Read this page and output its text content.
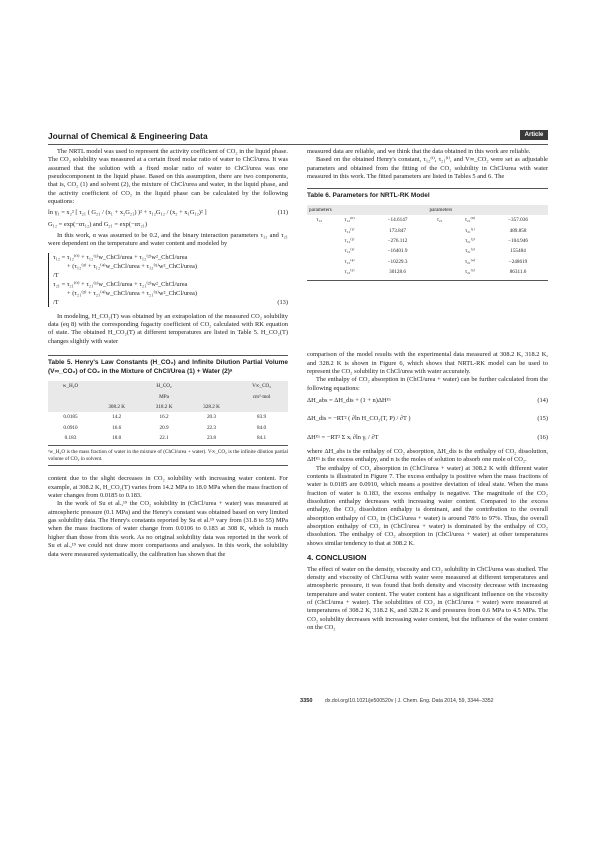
Journal of Chemical & Engineering Data	Article

The NRTL model was used to represent the activity coefficient of CO₂ in the liquid phase. The CO₂ solubility was measured at a certain fixed molar ratio of water to ChCl/urea. It was assumed that the solution with a fixed molar ratio of water to ChCl/urea was one pseudocomponent in the liquid phase. Based on this assumption, there are two components, that is, CO₂ (1) and solvent (2), the mixture of ChCl/urea and water, in the liquid phase, and the activity coefficient of CO₂ in the liquid phase can be calculated by the following equations:

ln γ₁ = x₂² [ τ₂₁ ( G₂₁ / (x₁ + x₂G₂₁) )² + τ₁₂G₁₂ / (x₂ + x₁G₁₂)² ]	(11)
G₁₂ = exp(−ατ₁₂) and G₂₁ = exp(−ατ₂₁)

In this work, α was assumed to be 0.2, and the binary interaction parameters τ₁₂ and τ₂₁ were dependent on the temperature and water content and modeled by

τ₁₂ = τ₁₂⁽⁰⁾ + τ₁₂⁽¹⁾w_ChCl/urea + τ₁₂⁽²⁾w²_ChCl/urea
+ (τ₁₂⁽³⁾ + τ₁₂⁽⁴⁾w_ChCl/urea + τ₁₂⁽⁵⁾w²_ChCl/urea)
/T
τ₂₁ = τ₂₁⁽⁰⁾ + τ₂₁⁽¹⁾w_ChCl/urea + τ₂₁⁽²⁾w²_ChCl/urea
+ (τ₂₁⁽³⁾ + τ₂₁⁽⁴⁾w_ChCl/urea + τ₂₁⁽⁵⁾w²_ChCl/urea)
/T	(13)

In modeling, H_CO₂(T) was obtained by an extrapolation of the measured CO₂ solubility data (eq 8) with the corresponding fugacity coefficient of CO₂ calculated with RK equation of state. The obtained H_CO₂(T) at different temperatures are listed in Table 5. H_CO₂(T) changes slightly with water

Table 5. Henry's Law Constants (H_CO₂) and Infinite Dilution Partial Volume (V∞_CO₂) of CO₂ in the Mixture of ChCl/Urea (1) + Water (2)ᵃ
w_H₂O	H_CO₂			V∞_CO₂
	MPa			cm³·mol
	308.2 K	318.2 K	328.2 K	
0.0185	14.2	16.2	20.3	83.9
0.0910	16.6	20.9	22.3	84.0
0.183	18.0	22.1	23.8	84.1
ᵃw_H₂O is the mass fraction of water in the mixture of (ChCl/urea + water). V∞_CO₂ is the infinite dilution partial volume of CO₂ in solvent.

content due to the slight decreases in CO₂ solubility with increasing water content. For example, at 308.2 K, H_CO₂(T) varies from 14.2 MPa to 18.0 MPa when the mass fraction of water changes from 0.0185 to 0.183.

In the work of Su et al.,¹⁹ the CO₂ solubility in (ChCl/urea + water) was measured at atmospheric pressure (0.1 MPa) and the Henry's constant was obtained based on very limited gas solubility data. The Henry's constants reported by Su et al.¹⁹ vary from (31.8 to 55) MPa when the mass fractions of water change from 0.0106 to 0.183 at 308 K, which is much higher than those from this work. As no original solubility data was reported in the work of Su et al.,¹⁹ we could not draw more comparisons and analyses. In this work, the solubility data were measured systematically, the calibration has shown that the

measured data are reliable, and we think that the data obtained in this work are reliable.

Based on the obtained Henry's constant, τ₁₂⁽ⁱ⁾, τ₂₁⁽ⁱ⁾, and V∞_CO₂ were set as adjustable parameters and obtained from the fitting of the CO₂ solubility in ChCl/urea with water measured in this work. The fitted parameters are listed in Tables 5 and 6. The

Table 6. Parameters for NRTL-RK Model
parameters			parameters		
τ₁₂	τ₁₂⁽⁰⁾	−14.6147	τ₂₁	τ₂₁⁽⁰⁾	−357.036
	τ₁₂⁽¹⁾	173.847		τ₂₁⁽¹⁾	489.858
	τ₁₂⁽²⁾	−276.112		τ₂₁⁽²⁾	−104.946
	τ₁₂⁽³⁾	−16401.9		τ₂₁⁽³⁾	155484
	τ₁₂⁽⁴⁾	−10229.3		τ₂₁⁽⁴⁾	−248619
	τ₁₂⁽⁵⁾	30128.6		τ₂₁⁽⁵⁾	86311.6

comparison of the model results with the experimental data measured at 308.2 K, 318.2 K, and 328.2 K is shown in Figure 6, which shows that NRTL-RK model can be used to represent the CO₂ solubility in ChCl/urea with water accurately.

The enthalpy of CO₂ absorption in (ChCl/urea + water) can be further calculated from the following equations:

ΔH_abs = ΔH_dis + (1 + n)ΔHᴱˣ	(14)
ΔH_dis = −RT² ( ∂ln H_CO₂(T, P) / ∂T )	(15)
ΔHᴱˣ = −RT² Σ xᵢ ∂ln γᵢ / ∂T	(16)

where ΔH_abs is the enthalpy of CO₂ absorption, ΔH_dis is the enthalpy of CO₂ dissolution, ΔHᴱˣ is the excess enthalpy, and n is the moles of solution to absorb one mole of CO₂.

The enthalpy of CO₂ absorption in (ChCl/urea + water) at 308.2 K with different water contents is illustrated in Figure 7. The excess enthalpy is positive when the mass fractions of water is 0.0185 are 0.0910, which means a positive deviation of ideal state. When the mass fraction of water is 0.183, the excess enthalpy is negative. The magnitude of the CO₂ dissolution enthalpy decreases with increasing water content. Compared to the excess enthalpy, the CO₂ dissolution enthalpy is dominant, and the contribution to the overall absorption enthalpy of CO₂ in (ChCl/urea + water) is around 78% to 97%. Thus, the overall absorption enthalpy of CO₂ in (ChCl/urea + water) is dominated by the enthalpy of CO₂ dissolution. The enthalpy of CO₂ absorption in (ChCl/urea + water) at other temperatures shows similar tendency to that at 308.2 K.

4. CONCLUSION

The effect of water on the density, viscosity and CO₂ solubility in ChCl/urea was studied. The density and viscosity of ChCl/urea with water were measured at different temperatures and atmospheric pressure, it was found that both density and viscosity decrease with increasing temperature and water content. The water content has a significant influence on the viscosity of (ChCl/urea + water). The solubilities of CO₂ in (ChCl/urea + water) were measured at temperatures of 308.2 K, 318.2 K, and 328.2 K and pressures from 0.6 MPa to 4.5 MPa. The CO₂ solubility decreases with increasing water content, but the influence of the water content on the CO₂

3350 dx.doi.org/10.1021/je500520v | J. Chem. Eng. Data 2014, 59, 3344−3352
